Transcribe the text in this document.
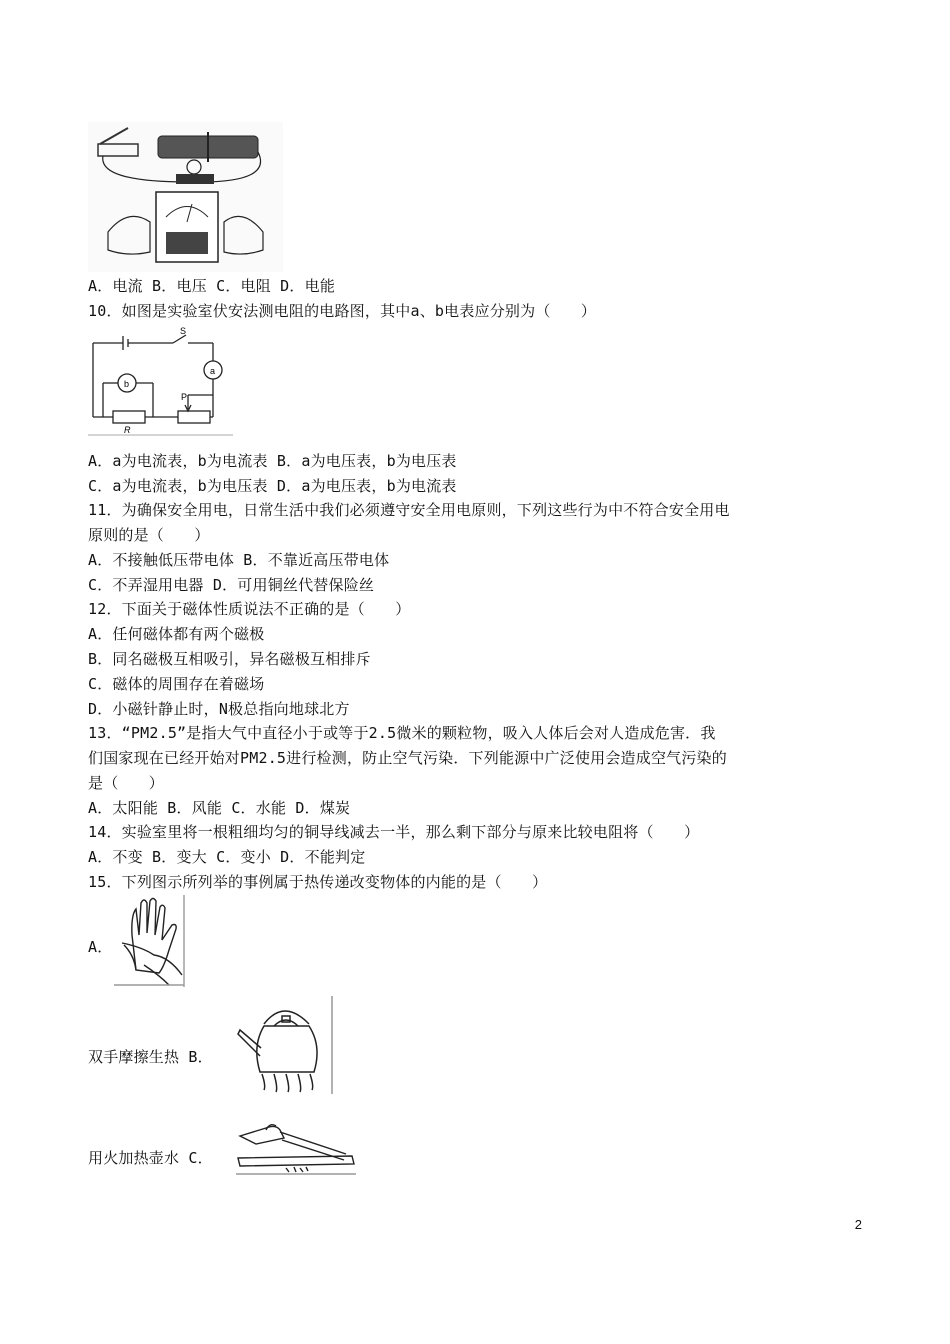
A．电流 B．电压 C．电阻 D．电能
10．如图是实验室伏安法测电阻的电路图，其中a、b电表应分别为（　　）
S
a
b
P
R
A．a为电流表，b为电流表 B．a为电压表，b为电压表
C．a为电流表，b为电压表 D．a为电压表，b为电流表
11．为确保安全用电，日常生活中我们必须遵守安全用电原则，下列这些行为中不符合安全用电
原则的是（　　）
A．不接触低压带电体 B．不靠近高压带电体
C．不弄湿用电器 D．可用铜丝代替保险丝
12．下面关于磁体性质说法不正确的是（　　）
A．任何磁体都有两个磁极
B．同名磁极互相吸引，异名磁极互相排斥
C．磁体的周围存在着磁场
D．小磁针静止时，N极总指向地球北方
13．“PM2.5”是指大气中直径小于或等于2.5微米的颗粒物，吸入人体后会对人造成危害．我
们国家现在已经开始对PM2.5进行检测，防止空气污染．下列能源中广泛使用会造成空气污染的
是（　　）
A．太阳能 B．风能 C．水能 D．煤炭
14．实验室里将一根粗细均匀的铜导线减去一半，那么剩下部分与原来比较电阻将（　　）
A．不变 B．变大 C．变小 D．不能判定
15．下列图示所列举的事例属于热传递改变物体的内能的是（　　）
A．
双手摩擦生热 B．
用火加热壶水 C．
2
